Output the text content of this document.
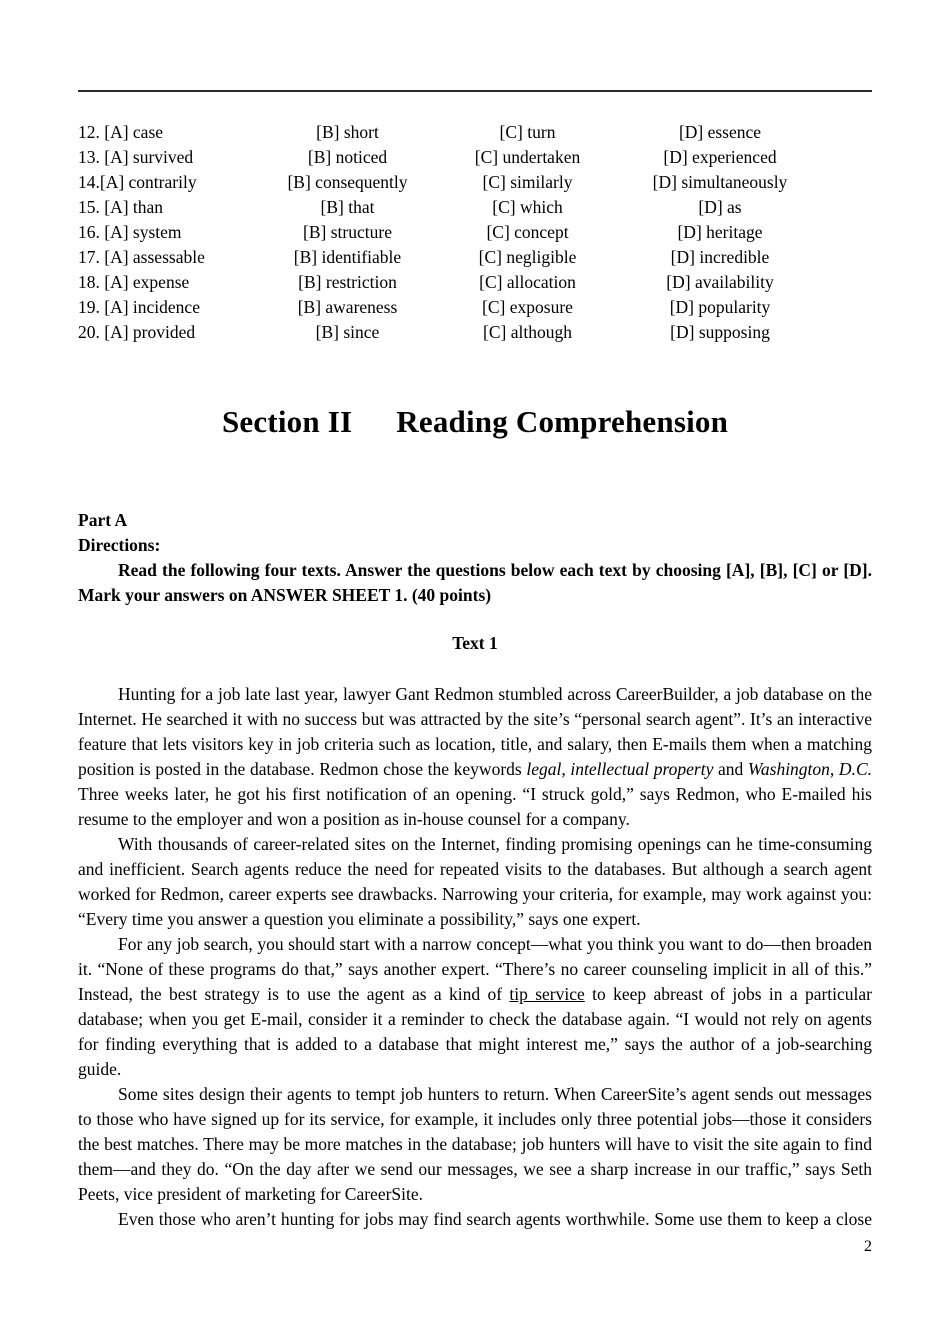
12. [A] case	[B] short	[C] turn	[D] essence
13. [A] survived	[B] noticed	[C] undertaken	[D] experienced
14.[A] contrarily	[B] consequently	[C] similarly	[D] simultaneously
15. [A] than	[B] that	[C] which	[D] as
16. [A] system	[B] structure	[C] concept	[D] heritage
17. [A] assessable	[B] identifiable	[C] negligible	[D] incredible
18. [A] expense	[B] restriction	[C] allocation	[D] availability
19. [A] incidence	[B] awareness	[C] exposure	[D] popularity
20. [A] provided	[B] since	[C] although	[D] supposing
Section II Reading Comprehension
Part A
Directions:
Read the following four texts. Answer the questions below each text by choosing [A], [B], [C] or [D]. Mark your answers on ANSWER SHEET 1. (40 points)
Text 1

Hunting for a job late last year, lawyer Gant Redmon stumbled across CareerBuilder, a job database on the Internet. He searched it with no success but was attracted by the site’s “personal search agent”. It’s an interactive feature that lets visitors key in job criteria such as location, title, and salary, then E-mails them when a matching position is posted in the database. Redmon chose the keywords legal, intellectual property and Washington, D.C. Three weeks later, he got his first notification of an opening. “I struck gold,” says Redmon, who E-mailed his resume to the employer and won a position as in-house counsel for a company.

With thousands of career-related sites on the Internet, finding promising openings can he time-consuming and inefficient. Search agents reduce the need for repeated visits to the databases. But although a search agent worked for Redmon, career experts see drawbacks. Narrowing your criteria, for example, may work against you: “Every time you answer a question you eliminate a possibility,” says one expert.

For any job search, you should start with a narrow concept—what you think you want to do—then broaden it. “None of these programs do that,” says another expert. “There’s no career counseling implicit in all of this.” Instead, the best strategy is to use the agent as a kind of tip service to keep abreast of jobs in a particular database; when you get E-mail, consider it a reminder to check the database again. “I would not rely on agents for finding everything that is added to a database that might interest me,” says the author of a job-searching guide.

Some sites design their agents to tempt job hunters to return. When CareerSite’s agent sends out messages to those who have signed up for its service, for example, it includes only three potential jobs—those it considers the best matches. There may be more matches in the database; job hunters will have to visit the site again to find them—and they do. “On the day after we send our messages, we see a sharp increase in our traffic,” says Seth Peets, vice president of marketing for CareerSite.

Even those who aren’t hunting for jobs may find search agents worthwhile. Some use them to keep a close

2
